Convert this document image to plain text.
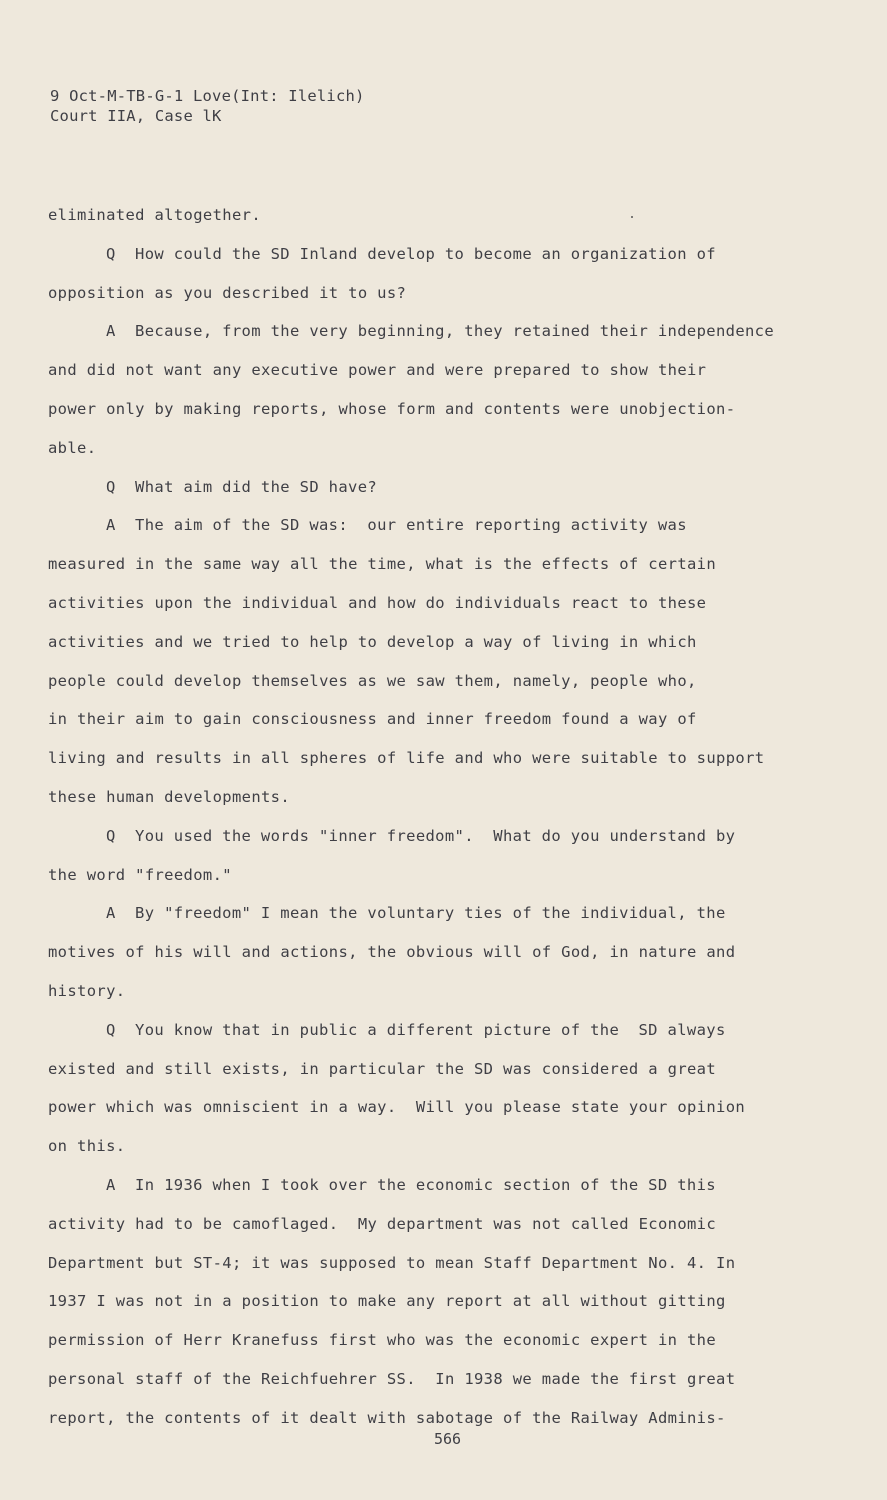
9 Oct-M-TB-G-1 Love(Int: Ilelich)
Court IIA, Case lK
eliminated altogether.
Q  How could the SD Inland develop to become an organization of
opposition as you described it to us?
A  Because, from the very beginning, they retained their independence
and did not want any executive power and were prepared to show their
power only by making reports, whose form and contents were unobjection-
able.
Q  What aim did the SD have?
A  The aim of the SD was:  our entire reporting activity was
measured in the same way all the time, what is the effects of certain
activities upon the individual and how do individuals react to these
activities and we tried to help to develop a way of living in which
people could develop themselves as we saw them, namely, people who,
in their aim to gain consciousness and inner freedom found a way of
living and results in all spheres of life and who were suitable to support
these human developments.
Q  You used the words "inner freedom".  What do you understand by
the word "freedom."
A  By "freedom" I mean the voluntary ties of the individual, the
motives of his will and actions, the obvious will of God, in nature and
history.
Q  You know that in public a different picture of the  SD always
existed and still exists, in particular the SD was considered a great
power which was omniscient in a way.  Will you please state your opinion
on this.
A  In 1936 when I took over the economic section of the SD this
activity had to be camoflaged.  My department was not called Economic
Department but ST-4; it was supposed to mean Staff Department No. 4. In
1937 I was not in a position to make any report at all without gitting
permission of Herr Kranefuss first who was the economic expert in the
personal staff of the Reichfuehrer SS.  In 1938 we made the first great
report, the contents of it dealt with sabotage of the Railway Adminis-
566
